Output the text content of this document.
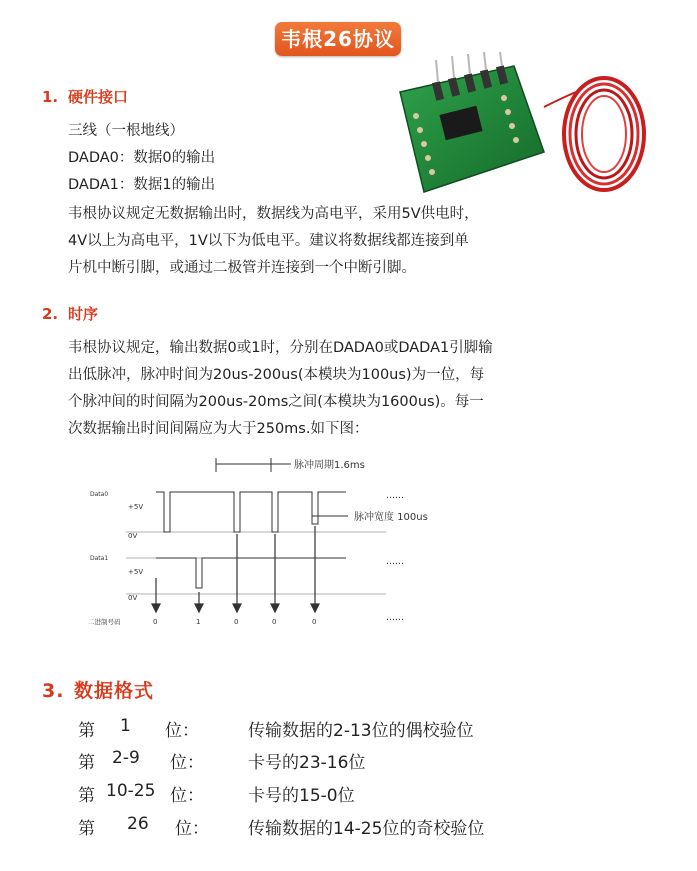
韦根26协议
1. 硬件接口
三线（一根地线）
DADA0：数据0的输出
DADA1：数据1的输出
韦根协议规定无数据输出时，数据线为高电平，采用5V供电时，
4V以上为高电平，1V以下为低电平。建议将数据线都连接到单
片机中断引脚，或通过二极管并连接到一个中断引脚。
2. 时序
韦根协议规定，输出数据0或1时，分别在DADA0或DADA1引脚输
出低脉冲，脉冲时间为20us-200us(本模块为100us)为一位，每
个脉冲间的时间隔为200us-20ms之间(本模块为1600us)。每一
次数据输出时间间隔应为大于250ms.如下图：
脉冲周期1.6ms
Data0
+5V
0V
……
脉冲宽度 100us
Data1
+5V
0V
……
二进制号码	0	1	0	0	0	……
3. 数据格式
第 1 位：	传输数据的2-13位的偶校验位
第 2-9 位：	卡号的23-16位
第 10-25 位：	卡号的15-0位
第 26 位： 传输数据的14-25位的奇校验位
